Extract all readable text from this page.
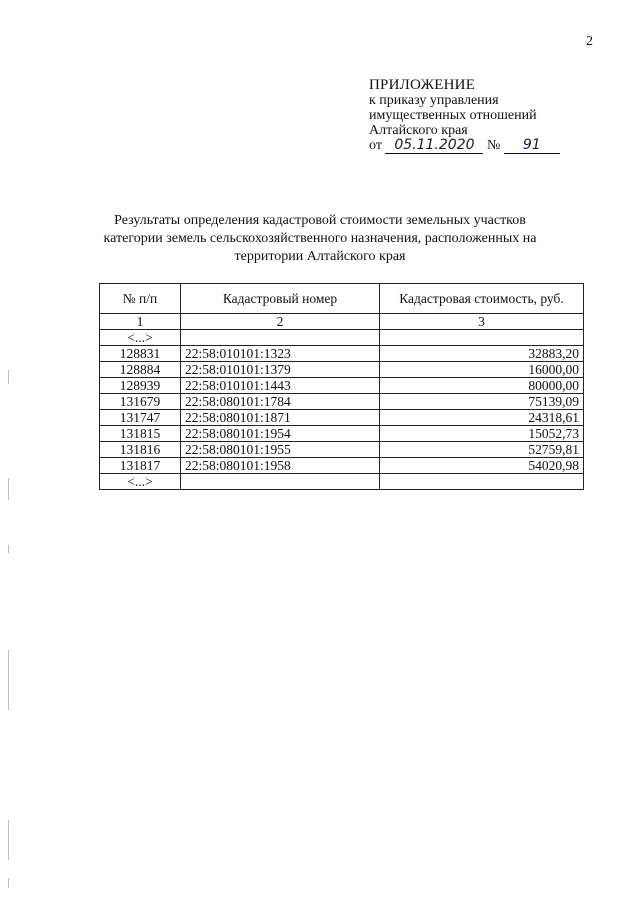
2
ПРИЛОЖЕНИЕ
к приказу управления
имущественных отношений
Алтайского края
от 05.11.2020 № 91
Результаты определения кадастровой стоимости земельных участков
категории земель сельскохозяйственного назначения, расположенных на
территории Алтайского края
№ п/п	Кадастровый номер	Кадастровая стоимость, руб.
1	2	3
<...>		
128831	22:58:010101:1323	32883,20
128884	22:58:010101:1379	16000,00
128939	22:58:010101:1443	80000,00
131679	22:58:080101:1784	75139,09
131747	22:58:080101:1871	24318,61
131815	22:58:080101:1954	15052,73
131816	22:58:080101:1955	52759,81
131817	22:58:080101:1958	54020,98
<...>		
